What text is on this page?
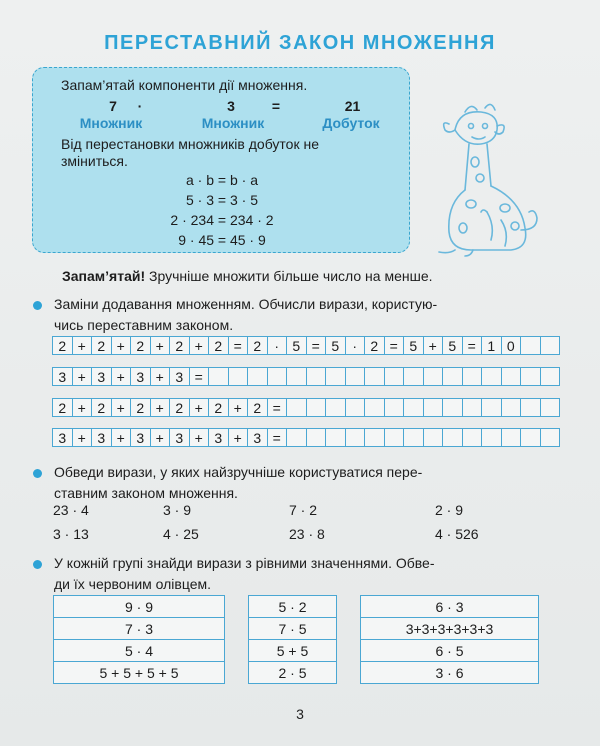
ПЕРЕСТАВНИЙ ЗАКОН МНОЖЕННЯ
Запам’ятай компоненти дії множення.
7	·	3	=	21
Множник	Множник	Добуток
Від перестановки множників добуток не
зміниться.
a · b = b · a
5 · 3 = 3 · 5
2 · 234 = 234 · 2
9 · 45 = 45 · 9
Запам’ятай! Зручніше множити більше число на менше.
Заміни додавання множенням. Обчисли вирази, користую-
чись переставним законом.
2 + 2 + 2 + 2 + 2 = 2 · 5 = 5 · 2 = 5 + 5 = 1 0
3 + 3 + 3 + 3 =
2 + 2 + 2 + 2 + 2 + 2 =
3 + 3 + 3 + 3 + 3 + 3 =
Обведи вирази, у яких найзручніше користуватися пере-
ставним законом множення.
23 · 4	3 · 9	7 · 2	2 · 9
3 · 13	4 · 25	23 · 8	4 · 526
У кожній групі знайди вирази з рівними значеннями. Обве-
ди їх червоним олівцем.
9 · 9
7 · 3
5 · 4
5 + 5 + 5 + 5
5 · 2
7 · 5
5 + 5
2 · 5
6 · 3
3+3+3+3+3+3
6 · 5
3 · 6
3
